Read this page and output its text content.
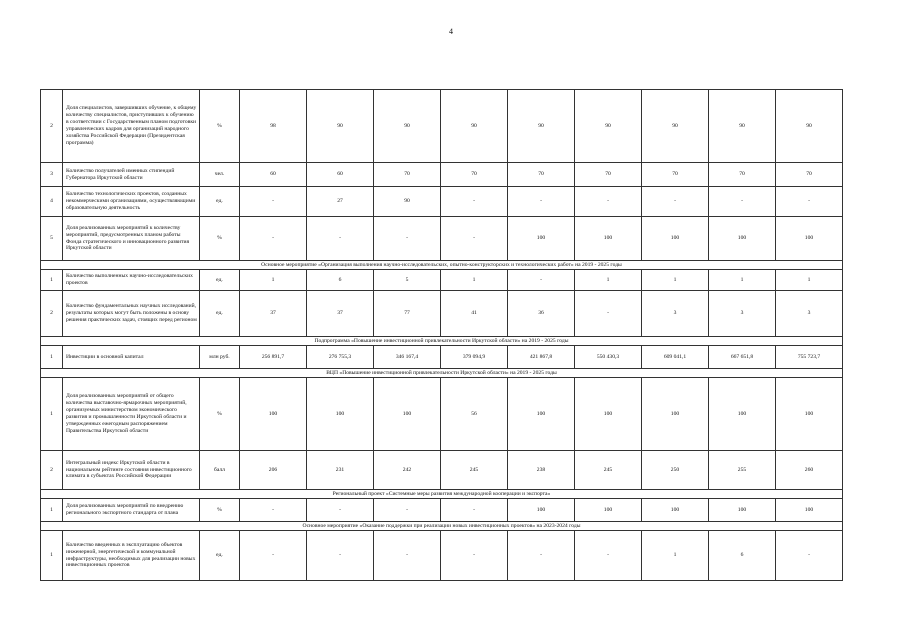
4
2	Доля специалистов, завершивших обучение, к общему количеству специалистов, приступивших к обучению в соответствии с Государственным планом подготовки управленческих кадров для организаций народного хозяйства Российской Федерации (Президентская программа)	%	98	90	90	90	90	90	90	90	90
3	Количество получателей именных стипендий Губернатора Иркутской области	чел.	60	60	70	70	70	70	70	70	70
4	Количество технологических проектов, созданных некоммерческими организациями, осуществляющими образовательную деятельность	ед.	-	27	90	-	-	-	-	-	-
5	Доля реализованных мероприятий к количеству мероприятий, предусмотренных планом работы Фонда стратегического и инновационного развития Иркутской области	%	-	-	-	-	100	100	100	100	100
Основное мероприятие «Организация выполнения научно-исследовательских, опытно-конструкторских и технологических работ» на 2019 - 2025 годы											
1	Количество выполненных научно-исследовательских проектов	ед.	1	6	5	1	-	1	1	1	1
2	Количество фундаментальных научных исследований, результаты которых могут быть положены в основу решения практических задач, стоящих перед регионом	ед.	37	37	77	41	36	-	3	3	3
Подпрограмма «Повышение инвестиционной привлекательности Иркутской области» на 2019 - 2025 годы											
1	Инвестиции в основной капитал	млн руб.	256 891,7	276 755,3	346 167,4	379 094,9	421 867,8	550 430,3	609 041,1	667 651,8	755 723,7
ВЦП «Повышение инвестиционной привлекательности Иркутской области» на 2019 - 2025 годы											
1	Доля реализованных мероприятий от общего количества выставочно-ярмарочных мероприятий, организуемых министерством экономического развития и промышленности Иркутской области и утвержденных ежегодным распоряжением Правительства Иркутской области	%	100	100	100	56	100	100	100	100	100
2	Интегральный индекс Иркутской области в национальном рейтинге состояния инвестиционного климата в субъектах Российской Федерации	балл	206	231	242	245	238	245	250	255	260
Региональный проект «Системные меры развития международной кооперации и экспорта»											
1	Доля реализованных мероприятий по внедрению регионального экспортного стандарта от плана	%	-	-	-	-	100	100	100	100	100
Основное мероприятие «Оказание поддержки при реализации новых инвестиционных проектов» на 2023-2024 годы											
1	Количество введенных в эксплуатацию объектов инженерной, энергетической и коммунальной инфраструктуры, необходимых для реализации новых инвестиционных проектов	ед.	-	-	-	-	-	-	1	6	-
